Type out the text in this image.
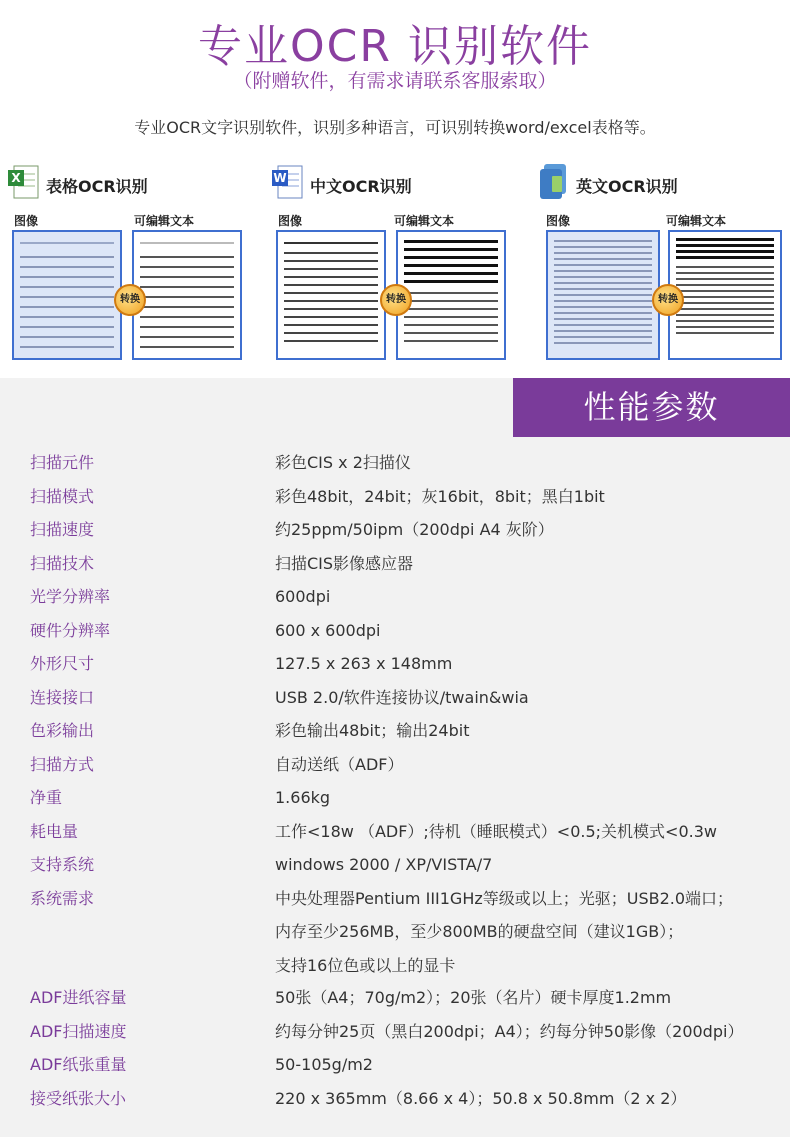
专业OCR 识别软件
（附赠软件，有需求请联系客服索取）
专业OCR文字识别软件，识别多种语言，可识别转换word/excel表格等。
X 表格OCR识别
图像	可编辑文本
转换
W 中文OCR识别
图像	可编辑文本
转换
英文OCR识别
图像	可编辑文本
转换
性能参数
扫描元件	彩色CIS x 2扫描仪
扫描模式	彩色48bit，24bit；灰16bit，8bit；黑白1bit
扫描速度	约25ppm/50ipm（200dpi A4 灰阶）
扫描技术	扫描CIS影像感应器
光学分辨率	600dpi
硬件分辨率	600 x 600dpi
外形尺寸	127.5 x 263 x 148mm
连接接口	USB 2.0/软件连接协议/twain&wia
色彩输出	彩色输出48bit；输出24bit
扫描方式	自动送纸（ADF）
净重	1.66kg
耗电量	工作<18w （ADF）;待机（睡眠模式）<0.5;关机模式<0.3w
支持系统	windows 2000 / XP/VISTA/7
系统需求	中央处理器Pentium III1GHz等级或以上；光驱；USB2.0端口；
内存至少256MB，至少800MB的硬盘空间（建议1GB）；
支持16位色或以上的显卡
ADF进纸容量	50张（A4；70g/m2）；20张（名片）硬卡厚度1.2mm
ADF扫描速度	约每分钟25页（黑白200dpi；A4）；约每分钟50影像（200dpi）
ADF纸张重量	50-105g/m2
接受纸张大小	220 x 365mm（8.66 x 4）；50.8 x 50.8mm（2 x 2）
